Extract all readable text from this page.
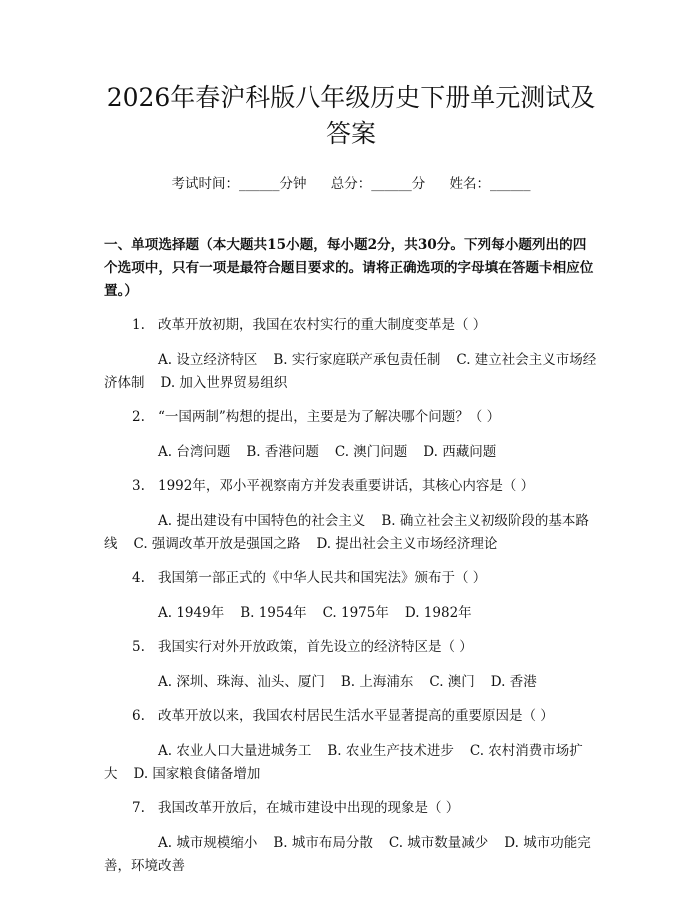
2026年春沪科版八年级历史下册单元测试及答案
考试时间：______分钟 总分：______分 姓名：______
一、单项选择题（本大题共15小题，每小题2分，共30分。下列每小题列出的四个选项中，只有一项是最符合题目要求的。请将正确选项的字母填在答题卡相应位置。）
1. 改革开放初期，我国在农村实行的重大制度变革是（ ）
A. 设立经济特区 B. 实行家庭联产承包责任制 C. 建立社会主义市场经济体制 D. 加入世界贸易组织
2. “一国两制”构想的提出，主要是为了解决哪个问题？（ ）
A. 台湾问题 B. 香港问题 C. 澳门问题 D. 西藏问题
3. 1992年，邓小平视察南方并发表重要讲话，其核心内容是（ ）
A. 提出建设有中国特色的社会主义 B. 确立社会主义初级阶段的基本路线 C. 强调改革开放是强国之路 D. 提出社会主义市场经济理论
4. 我国第一部正式的《中华人民共和国宪法》颁布于（ ）
A. 1949年 B. 1954年 C. 1975年 D. 1982年
5. 我国实行对外开放政策，首先设立的经济特区是（ ）
A. 深圳、珠海、汕头、厦门 B. 上海浦东 C. 澳门 D. 香港
6. 改革开放以来，我国农村居民生活水平显著提高的重要原因是（ ）
A. 农业人口大量进城务工 B. 农业生产技术进步 C. 农村消费市场扩大 D. 国家粮食储备增加
7. 我国改革开放后，在城市建设中出现的现象是（ ）
A. 城市规模缩小 B. 城市布局分散 C. 城市数量减少 D. 城市功能完善，环境改善
